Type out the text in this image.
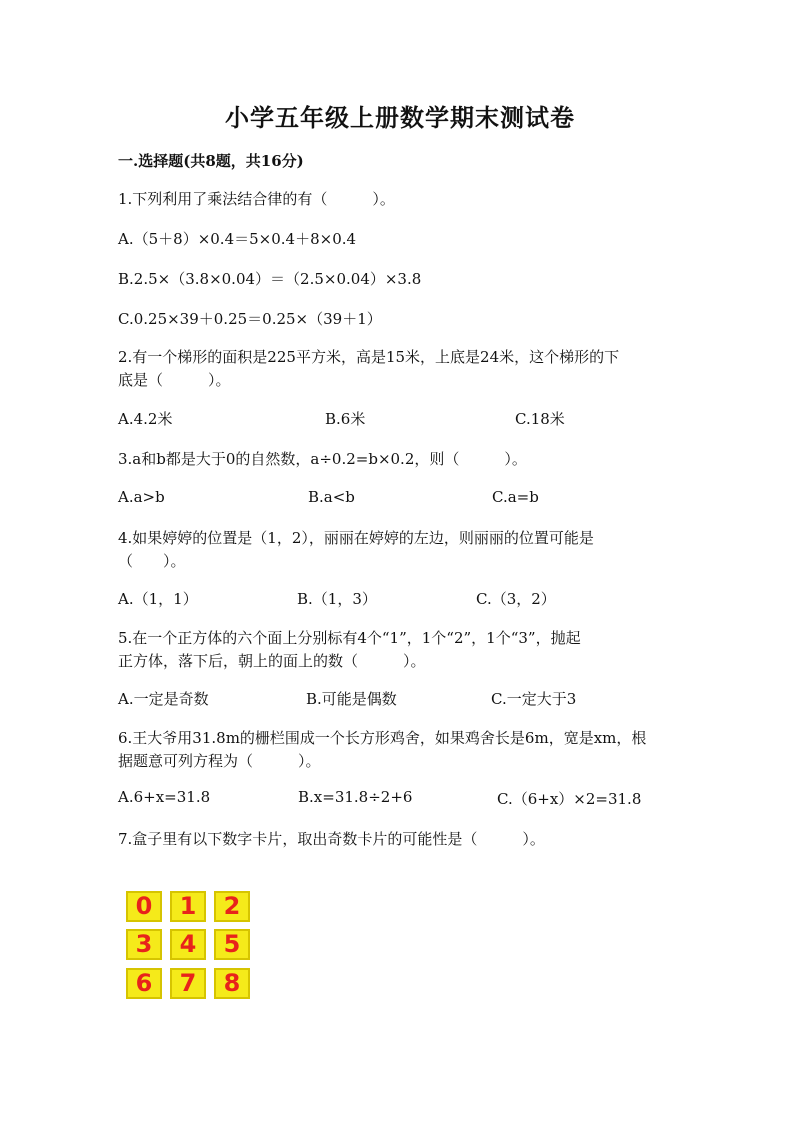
小学五年级上册数学期末测试卷
一.选择题(共8题，共16分)
1.下列利用了乘法结合律的有（　　　）。
A.（5＋8）×0.4＝5×0.4＋8×0.4
B.2.5×（3.8×0.04）＝（2.5×0.04）×3.8
C.0.25×39＋0.25＝0.25×（39＋1）
2.有一个梯形的面积是225平方米，高是15米，上底是24米，这个梯形的下
底是（　　　）。
A.4.2米	B.6米	C.18米
3.a和b都是大于0的自然数，a÷0.2=b×0.2，则（　　　）。
A.a>b	B.a<b	C.a=b
4.如果婷婷的位置是（1，2），丽丽在婷婷的左边，则丽丽的位置可能是
（　　）。
A.（1，1）	B.（1，3）	C.（3，2）
5.在一个正方体的六个面上分别标有4个“1”，1个“2”，1个“3”，抛起
正方体，落下后，朝上的面上的数（　　　）。
A.一定是奇数	B.可能是偶数	C.一定大于3
6.王大爷用31.8m的栅栏围成一个长方形鸡舍，如果鸡舍长是6m，宽是xm，根
据题意可列方程为（　　　）。
A.6+x=31.8	B.x=31.8÷2+6	C.（6+x）×2=31.8
7.盒子里有以下数字卡片，取出奇数卡片的可能性是（　　　）。
0	1	2
3	4	5
6	7	8
